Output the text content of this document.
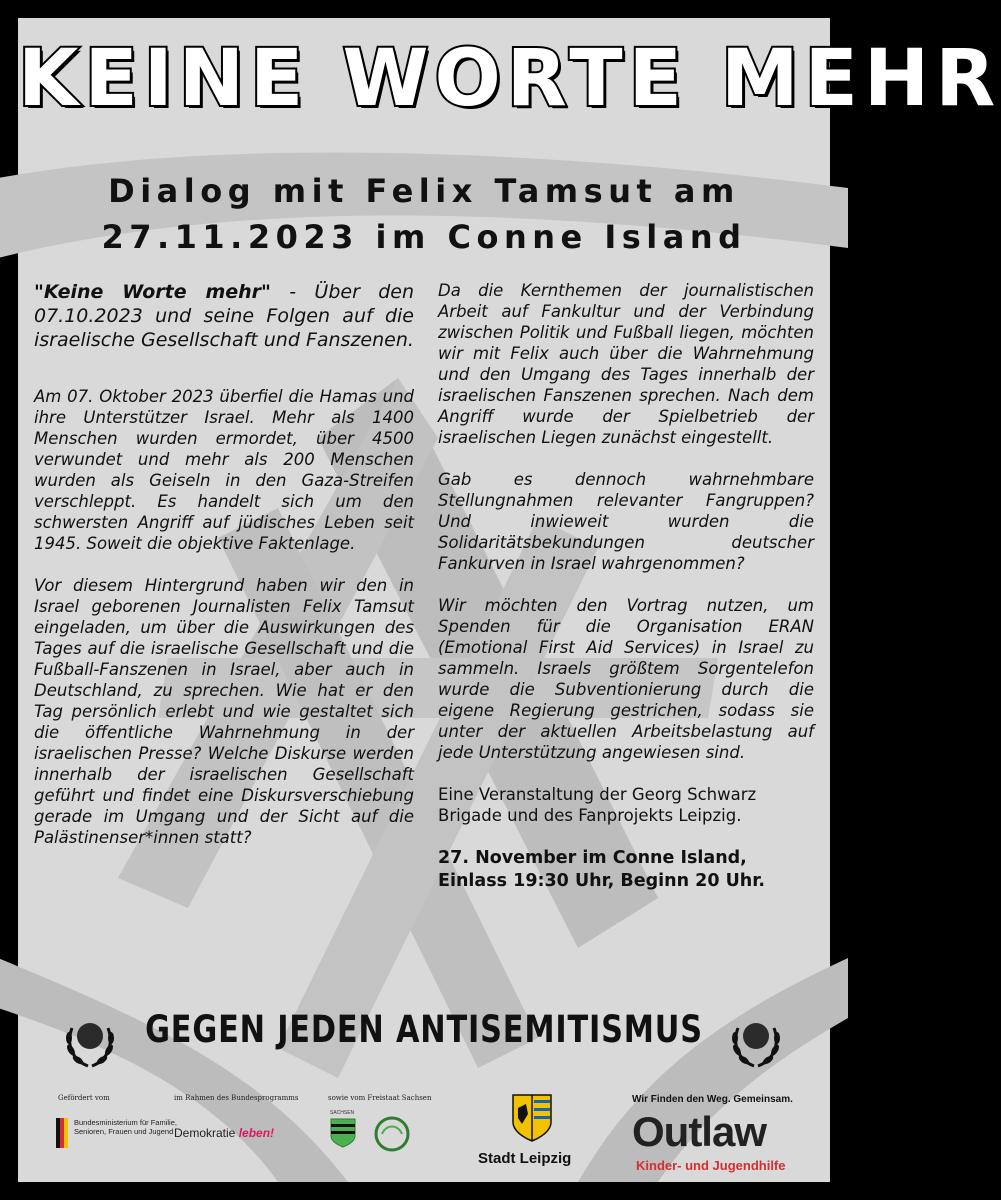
KEINE WORTE MEHR
Dialog mit Felix Tamsut am
27.11.2023 im Conne Island

"Keine Worte mehr" - Über den 07.10.2023 und seine Folgen auf die israelische Gesellschaft und Fanszenen.

Am 07. Oktober 2023 überfiel die Hamas und ihre Unterstützer Israel. Mehr als 1400 Menschen wurden ermordet, über 4500 verwundet und mehr als 200 Menschen wurden als Geiseln in den Gaza-Streifen verschleppt. Es handelt sich um den schwersten Angriff auf jüdisches Leben seit 1945. Soweit die objektive Faktenlage.

Vor diesem Hintergrund haben wir den in Israel geborenen Journalisten Felix Tamsut eingeladen, um über die Auswirkungen des Tages auf die israelische Gesellschaft und die Fußball-Fanszenen in Israel, aber auch in Deutschland, zu sprechen. Wie hat er den Tag persönlich erlebt und wie gestaltet sich die öffentliche Wahrnehmung in der israelischen Presse? Welche Diskurse werden innerhalb der israelischen Gesellschaft geführt und findet eine Diskursverschiebung gerade im Umgang und der Sicht auf die Palästinenser*innen statt?

Da die Kernthemen der journalistischen Arbeit auf Fankultur und der Verbindung zwischen Politik und Fußball liegen, möchten wir mit Felix auch über die Wahrnehmung und den Umgang des Tages innerhalb der israelischen Fanszenen sprechen. Nach dem Angriff wurde der Spielbetrieb der israelischen Liegen zunächst eingestellt.

Gab es dennoch wahrnehmbare Stellungnahmen relevanter Fangruppen? Und inwieweit wurden die Solidaritätsbekundungen deutscher Fankurven in Israel wahrgenommen?

Wir möchten den Vortrag nutzen, um Spenden für die Organisation ERAN (Emotional First Aid Services) in Israel zu sammeln. Israels größtem Sorgentelefon wurde die Subventionierung durch die eigene Regierung gestrichen, sodass sie unter der aktuellen Arbeitsbelastung auf jede Unterstützung angewiesen sind.

Eine Veranstaltung der Georg Schwarz Brigade und des Fanprojekts Leipzig.

27. November im Conne Island, Einlass 19:30 Uhr, Beginn 20 Uhr.

GEGEN JEDEN ANTISEMITISMUS
Gefördert vom
Bundesministerium für Familie, Senioren, Frauen und Jugend
im Rahmen des Bundesprogramms
Demokratie leben!
sowie vom Freistaat Sachsen
SACHSEN
Stadt Leipzig
Wir Finden den Weg. Gemeinsam.
Outlaw
Kinder- und Jugendhilfe
